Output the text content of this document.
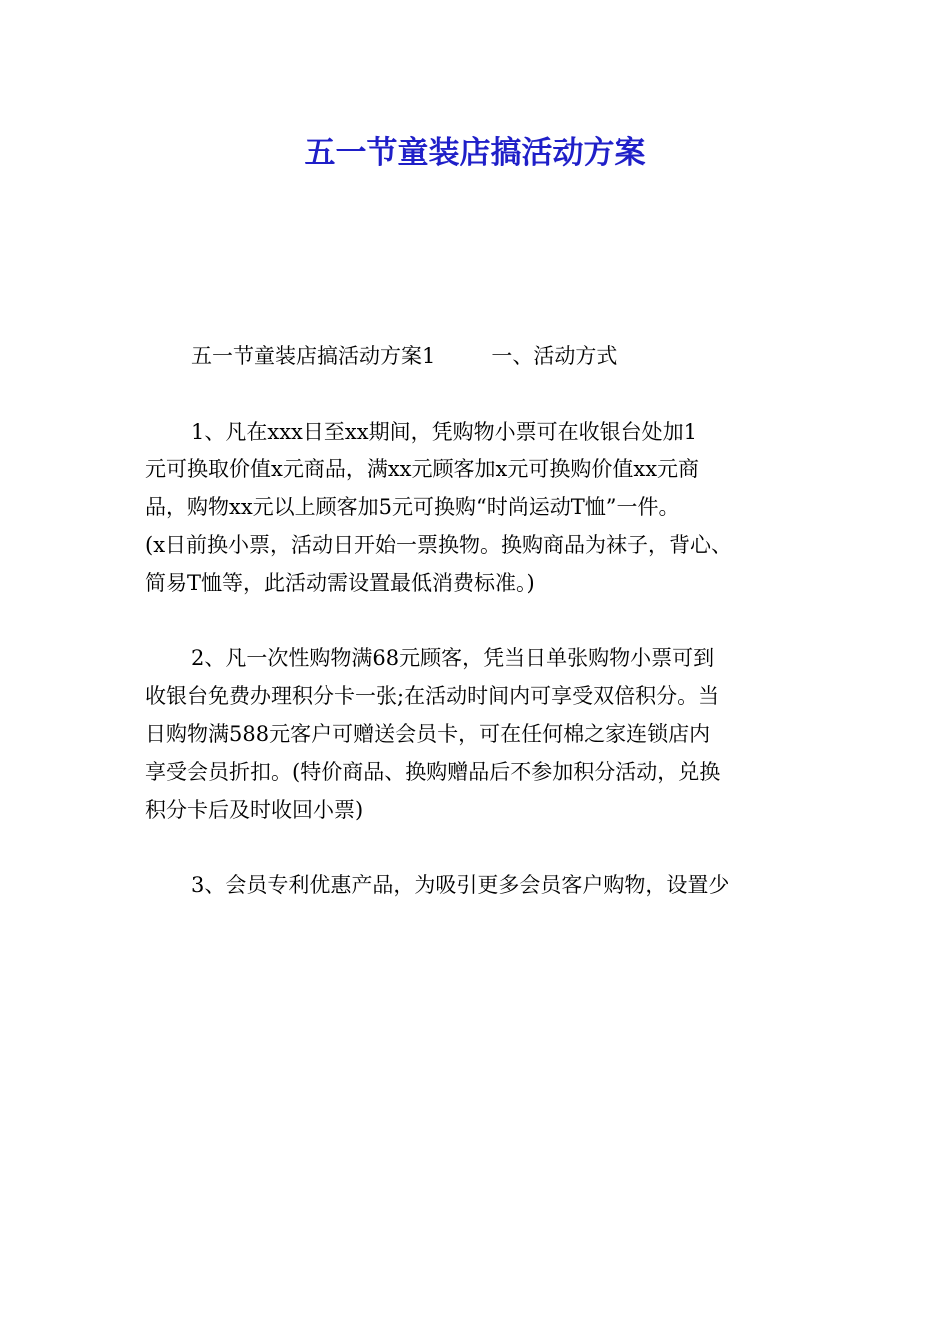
五一节童装店搞活动方案

五一节童装店搞活动方案1	一、活动方式

1、凡在xxx日至xx期间，凭购物小票可在收银台处加1
元可换取价值x元商品，满xx元顾客加x元可换购价值xx元商
品，购物xx元以上顾客加5元可换购“时尚运动T恤”一件。
(x日前换小票，活动日开始一票换物。换购商品为袜子，背心、
简易T恤等，此活动需设置最低消费标准。)

2、凡一次性购物满68元顾客，凭当日单张购物小票可到
收银台免费办理积分卡一张;在活动时间内可享受双倍积分。当
日购物满588元客户可赠送会员卡，可在任何棉之家连锁店内
享受会员折扣。(特价商品、换购赠品后不参加积分活动，兑换
积分卡后及时收回小票)

3、会员专利优惠产品，为吸引更多会员客户购物，设置少
